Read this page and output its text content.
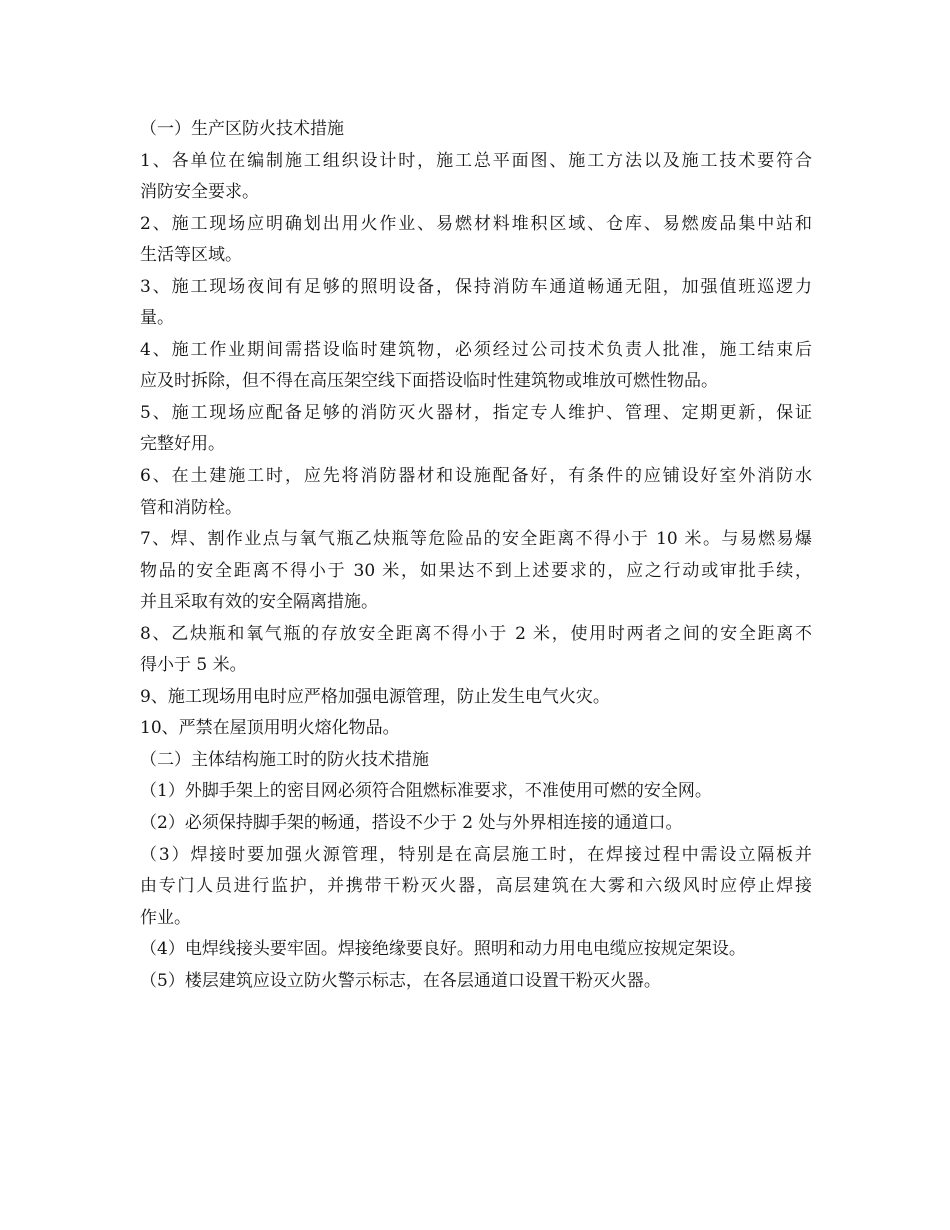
（一）生产区防火技术措施
1、各单位在编制施工组织设计时，施工总平面图、施工方法以及施工技术要符合
消防安全要求。
2、施工现场应明确划出用火作业、易燃材料堆积区域、仓库、易燃废品集中站和
生活等区域。
3、施工现场夜间有足够的照明设备，保持消防车通道畅通无阻，加强值班巡逻力
量。
4、施工作业期间需搭设临时建筑物，必须经过公司技术负责人批准，施工结束后
应及时拆除，但不得在高压架空线下面搭设临时性建筑物或堆放可燃性物品。
5、施工现场应配备足够的消防灭火器材，指定专人维护、管理、定期更新，保证
完整好用。
6、在土建施工时，应先将消防器材和设施配备好，有条件的应铺设好室外消防水
管和消防栓。
7、焊、割作业点与氧气瓶乙炔瓶等危险品的安全距离不得小于 10 米。与易燃易爆
物品的安全距离不得小于 30 米，如果达不到上述要求的，应之行动或审批手续，
并且采取有效的安全隔离措施。
8、乙炔瓶和氧气瓶的存放安全距离不得小于 2 米，使用时两者之间的安全距离不
得小于 5 米。
9、施工现场用电时应严格加强电源管理，防止发生电气火灾。
10、严禁在屋顶用明火熔化物品。
（二）主体结构施工时的防火技术措施
（1）外脚手架上的密目网必须符合阻燃标准要求，不准使用可燃的安全网。
（2）必须保持脚手架的畅通，搭设不少于 2 处与外界相连接的通道口。
（3）焊接时要加强火源管理，特别是在高层施工时，在焊接过程中需设立隔板并
由专门人员进行监护，并携带干粉灭火器，高层建筑在大雾和六级风时应停止焊接
作业。
（4）电焊线接头要牢固。焊接绝缘要良好。照明和动力用电电缆应按规定架设。
（5）楼层建筑应设立防火警示标志，在各层通道口设置干粉灭火器。
